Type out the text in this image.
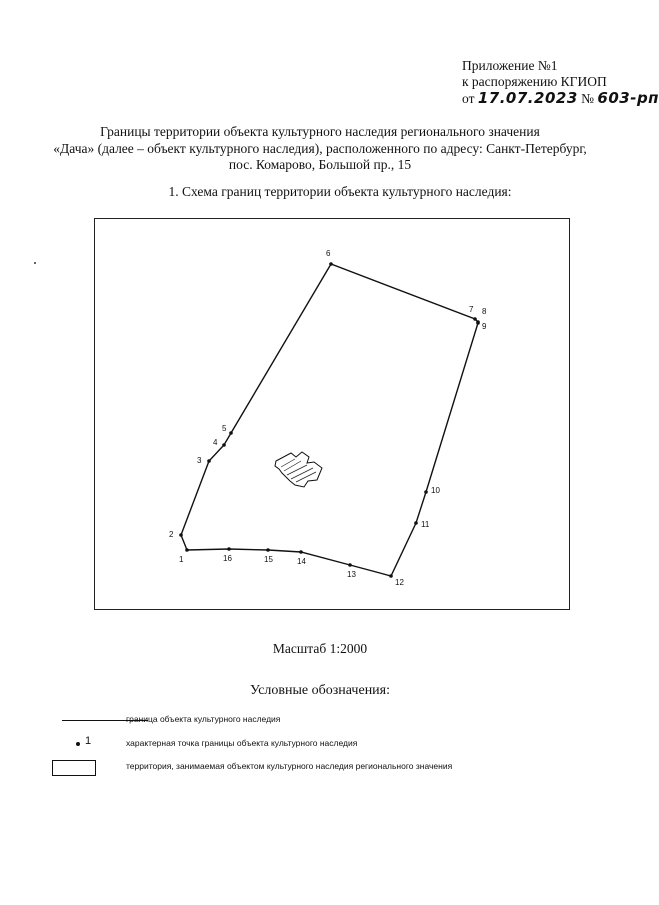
Приложение №1
к распоряжению КГИОП
от 17.07.2023 № 603-рп
Границы территории объекта культурного наследия регионального значения
«Дача» (далее – объект культурного наследия), расположенного по адресу: Санкт-Петербург,
пос. Комарово, Большой пр., 15
1. Схема границ территории объекта культурного наследия:
1
2
3
4
5
6
7 8
9
10
11
12
13
14
15
16
Масштаб 1:2000
Условные обозначения:
граница объекта культурного наследия
1	характерная точка границы объекта культурного наследия
территория, занимаемая объектом культурного наследия регионального значения
